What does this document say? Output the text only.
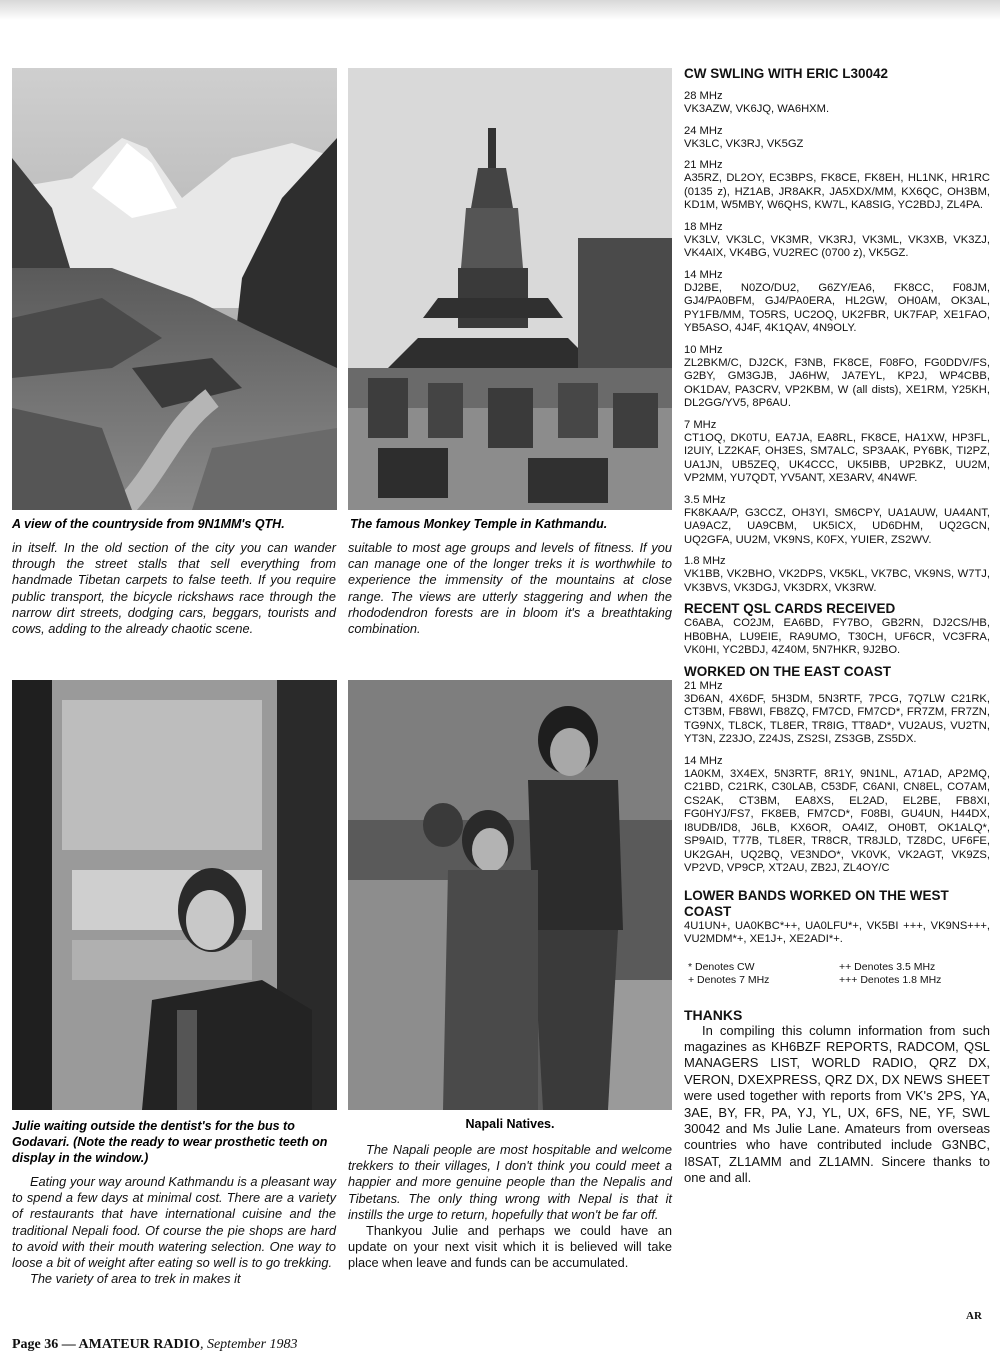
A view of the countryside from 9N1MM's QTH.	The famous Monkey Temple in Kathmandu.

in itself. In the old section of the city you can wander through the street stalls that sell everything from handmade Tibetan carpets to false teeth. If you require public transport, the bicycle rickshaws race through the narrow dirt streets, dodging cars, beggars, tourists and cows, adding to the already chaotic scene.

suitable to most age groups and levels of fitness. If you can manage one of the longer treks it is worthwhile to experience the immensity of the mountains at close range. The views are utterly staggering and when the rhododendron forests are in bloom it's a breathtaking combination.

Julie waiting outside the dentist's for the bus to Godavari. (Note the ready to wear prosthetic teeth on display in the window.)
Napali Natives.

Eating your way around Kathmandu is a pleasant way to spend a few days at minimal cost. There are a variety of restaurants that have international cuisine and the traditional Nepali food. Of course the pie shops are hard to avoid with their mouth watering selection. One way to loose a bit of weight after eating so well is to go trekking.

The variety of area to trek in makes it

The Napali people are most hospitable and welcome trekkers to their villages, I don't think you could meet a happier and more genuine people than the Nepalis and Tibetans. The only thing wrong with Nepal is that it instills the urge to return, hopefully that won't be far off.

Thankyou Julie and perhaps we could have an update on your next visit which it is believed will take place when leave and funds can be accumulated.

CW SWLING WITH ERIC L30042
28 MHz
VK3AZW, VK6JQ, WA6HXM.
24 MHz
VK3LC, VK3RJ, VK5GZ
21 MHz
A35RZ, DL2OY, EC3BPS, FK8CE, FK8EH, HL1NK, HR1RC (0135 z), HZ1AB, JR8AKR, JA5XDX/MM, KX6QC, OH3BM, KD1M, W5MBY, W6QHS, KW7L, KA8SIG, YC2BDJ, ZL4PA.
18 MHz
VK3LV, VK3LC, VK3MR, VK3RJ, VK3ML, VK3XB, VK3ZJ, VK4AIX, VK4BG, VU2REC (0700 z), VK5GZ.
14 MHz
DJ2BE, N0ZO/DU2, G6ZY/EA6, FK8CC, F08JM, GJ4/PA0BFM, GJ4/PA0ERA, HL2GW, OH0AM, OK3AL, PY1FB/MM, TO5RS, UC2OQ, UK2FBR, UK7FAP, XE1FAO, YB5ASO, 4J4F, 4K1QAV, 4N9OLY.
10 MHz
ZL2BKM/C, DJ2CK, F3NB, FK8CE, F08FO, FG0DDV/FS, G2BY, GM3GJB, JA6HW, JA7EYL, KP2J, WP4CBB, OK1DAV, PA3CRV, VP2KBM, W (all dists), XE1RM, Y25KH, DL2GG/YV5, 8P6AU.
7 MHz
CT1OQ, DK0TU, EA7JA, EA8RL, FK8CE, HA1XW, HP3FL, I2UIY, LZ2KAF, OH3ES, SM7ALC, SP3AAK, PY6BK, TI2PZ, UA1JN, UB5ZEQ, UK4CCC, UK5IBB, UP2BKZ, UU2M, VP2MM, YU7QDT, YV5ANT, XE3ARV, 4N4WF.
3.5 MHz
FK8KAA/P, G3CCZ, OH3YI, SM6CPY, UA1AUW, UA4ANT, UA9ACZ, UA9CBM, UK5ICX, UD6DHM, UQ2GCN, UQ2GFA, UU2M, VK9NS, K0FX, YUIER, ZS2WV.
1.8 MHz
VK1BB, VK2BHO, VK2DPS, VK5KL, VK7BC, VK9NS, W7TJ, VK3BVS, VK3DGJ, VK3DRX, VK3RW.
RECENT QSL CARDS RECEIVED
C6ABA, CO2JM, EA6BD, FY7BO, GB2RN, DJ2CS/HB, HB0BHA, LU9EIE, RA9UMO, T30CH, UF6CR, VC3FRA, VK0HI, YC2BDJ, 4Z40M, 5N7HKR, 9J2BO.
WORKED ON THE EAST COAST
21 MHz
3D6AN, 4X6DF, 5H3DM, 5N3RTF, 7PCG, 7Q7LW C21RK, CT3BM, FB8WI, FB8ZQ, FM7CD, FM7CD*, FR7ZM, FR7ZN, TG9NX, TL8CK, TL8ER, TR8IG, TT8AD*, VU2AUS, VU2TN, YT3N, Z23JO, Z24JS, ZS2SI, ZS3GB, ZS5DX.
14 MHz
1A0KM, 3X4EX, 5N3RTF, 8R1Y, 9N1NL, A71AD, AP2MQ, C21BD, C21RK, C30LAB, C53DF, C6ANI, CN8EL, CO7AM, CS2AK, CT3BM, EA8XS, EL2AD, EL2BE, FB8XI, FG0HYJ/FS7, FK8EB, FM7CD*, F08BI, GU4UN, H44DX, I8UDB/ID8, J6LB, KX6OR, OA4IZ, OH0BT, OK1ALQ*, SP9AID, T77B, TL8ER, TR8CR, TR8JLD, TZ8DC, UF6FE, UK2GAH, UQ2BQ, VE3NDO*, VK0VK, VK2AGT, VK9ZS, VP2VD, VP9CP, XT2AU, ZB2J, ZL4OY/C
LOWER BANDS WORKED ON THE WEST COAST
4U1UN+, UA0KBC*++, UA0LFU*+, VK5BI +++, VK9NS+++, VU2MDM*+, XE1J+, XE2ADI*+.
* Denotes CW	++ Denotes 3.5 MHz
+ Denotes 7 MHz	+++ Denotes 1.8 MHz
THANKS
In compiling this column information from such magazines as KH6BZF REPORTS, RADCOM, QSL MANAGERS LIST, WORLD RADIO, QRZ DX, VERON, DXEXPRESS, QRZ DX, DX NEWS SHEET were used together with reports from VK's 2PS, YA, 3AE, BY, FR, PA, YJ, YL, UX, 6FS, NE, YF, SWL 30042 and Ms Julie Lane. Amateurs from overseas countries who have contributed include G3NBC, I8SAT, ZL1AMM and ZL1AMN. Sincere thanks to one and all.
AR
Page 36 — AMATEUR RADIO, September 1983
